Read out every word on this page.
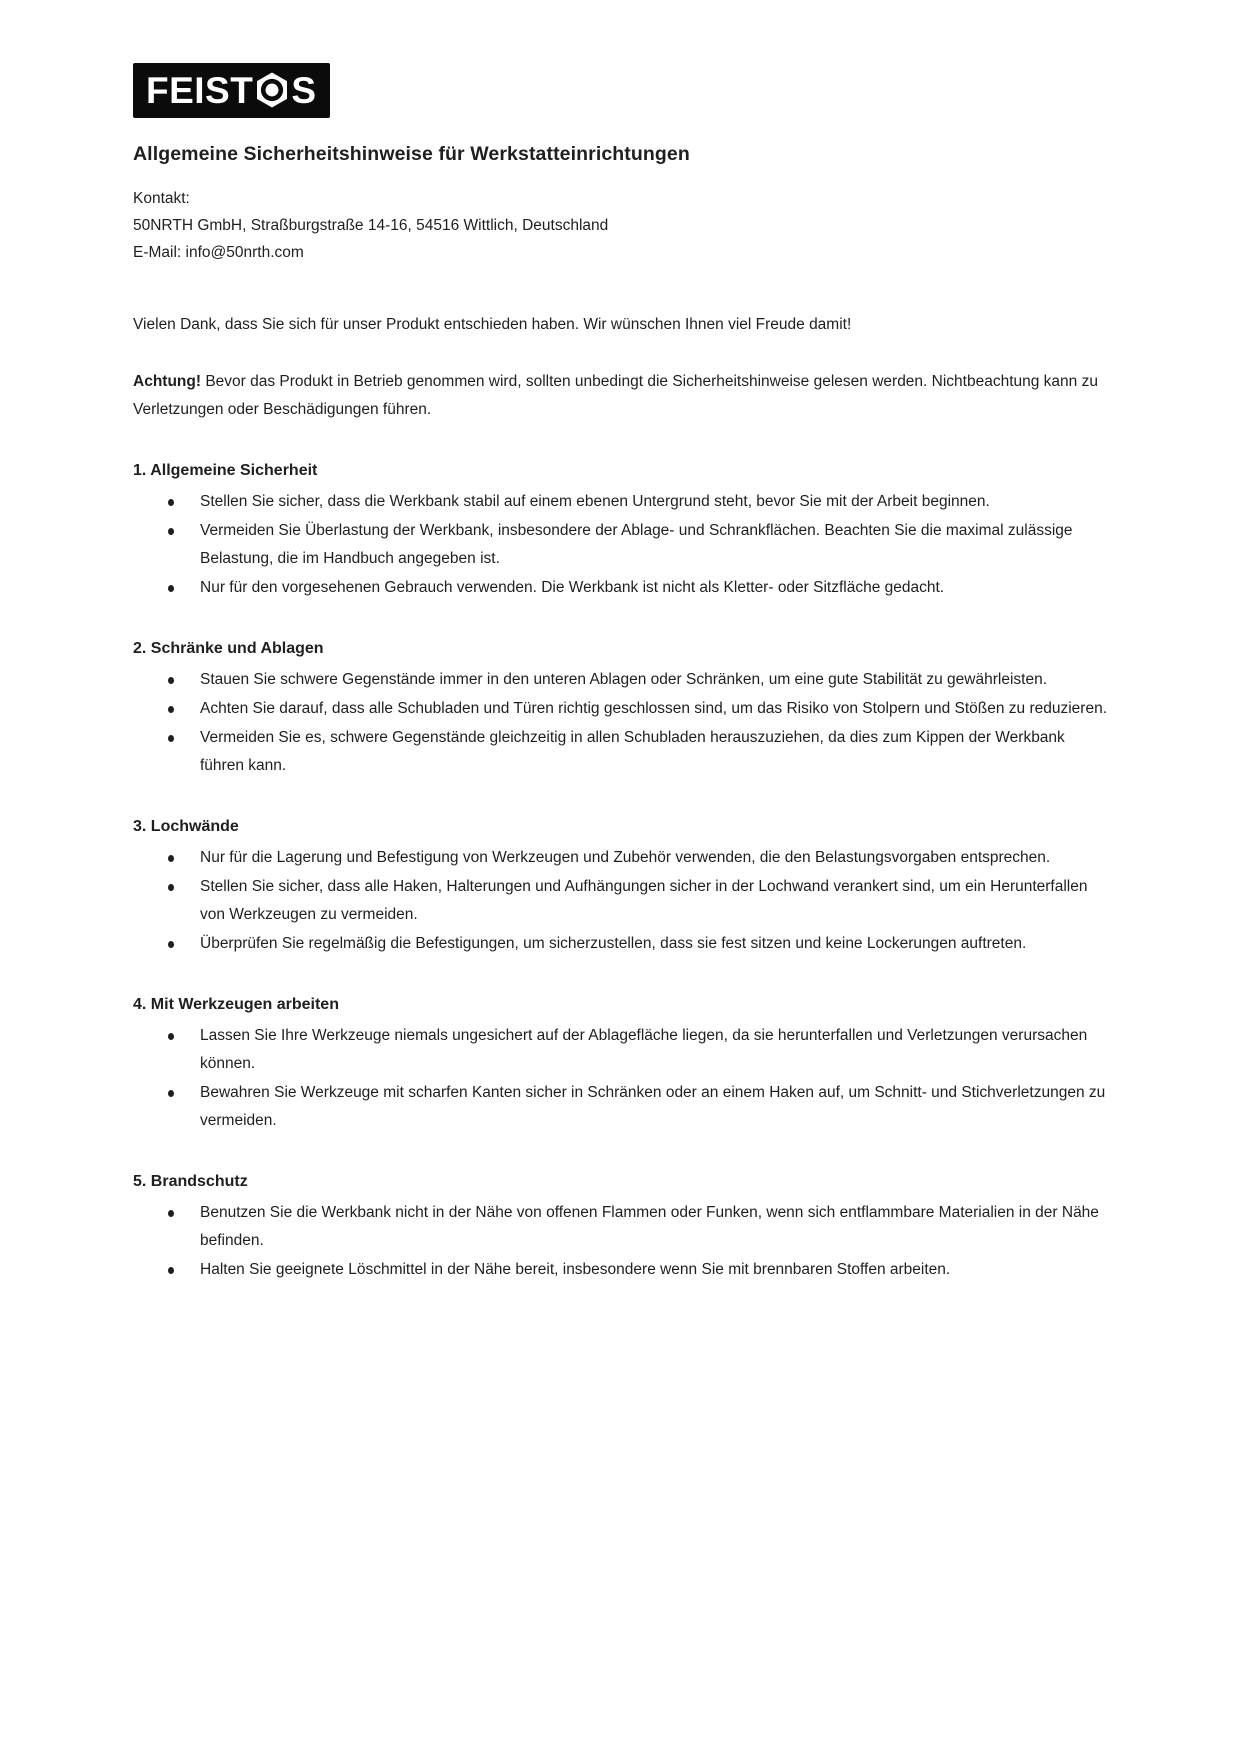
FEIST S
Allgemeine Sicherheitshinweise für Werkstatteinrichtungen
Kontakt:
50NRTH GmbH, Straßburgstraße 14-16, 54516 Wittlich, Deutschland
E-Mail: info@50nrth.com

Vielen Dank, dass Sie sich für unser Produkt entschieden haben. Wir wünschen Ihnen viel Freude damit!

Achtung! Bevor das Produkt in Betrieb genommen wird, sollten unbedingt die Sicherheitshinweise gelesen werden. Nichtbeachtung kann zu Verletzungen oder Beschädigungen führen.

1. Allgemeine Sicherheit
Stellen Sie sicher, dass die Werkbank stabil auf einem ebenen Untergrund steht, bevor Sie mit der Arbeit beginnen.
Vermeiden Sie Überlastung der Werkbank, insbesondere der Ablage- und Schrankflächen. Beachten Sie die maximal zulässige Belastung, die im Handbuch angegeben ist.
Nur für den vorgesehenen Gebrauch verwenden. Die Werkbank ist nicht als Kletter- oder Sitzfläche gedacht.
2. Schränke und Ablagen
Stauen Sie schwere Gegenstände immer in den unteren Ablagen oder Schränken, um eine gute Stabilität zu gewährleisten.
Achten Sie darauf, dass alle Schubladen und Türen richtig geschlossen sind, um das Risiko von Stolpern und Stößen zu reduzieren.
Vermeiden Sie es, schwere Gegenstände gleichzeitig in allen Schubladen herauszuziehen, da dies zum Kippen der Werkbank führen kann.
3. Lochwände
Nur für die Lagerung und Befestigung von Werkzeugen und Zubehör verwenden, die den Belastungsvorgaben entsprechen.
Stellen Sie sicher, dass alle Haken, Halterungen und Aufhängungen sicher in der Lochwand verankert sind, um ein Herunterfallen von Werkzeugen zu vermeiden.
Überprüfen Sie regelmäßig die Befestigungen, um sicherzustellen, dass sie fest sitzen und keine Lockerungen auftreten.
4. Mit Werkzeugen arbeiten
Lassen Sie Ihre Werkzeuge niemals ungesichert auf der Ablagefläche liegen, da sie herunterfallen und Verletzungen verursachen können.
Bewahren Sie Werkzeuge mit scharfen Kanten sicher in Schränken oder an einem Haken auf, um Schnitt- und Stichverletzungen zu vermeiden.
5. Brandschutz
Benutzen Sie die Werkbank nicht in der Nähe von offenen Flammen oder Funken, wenn sich entflammbare Materialien in der Nähe befinden.
Halten Sie geeignete Löschmittel in der Nähe bereit, insbesondere wenn Sie mit brennbaren Stoffen arbeiten.
